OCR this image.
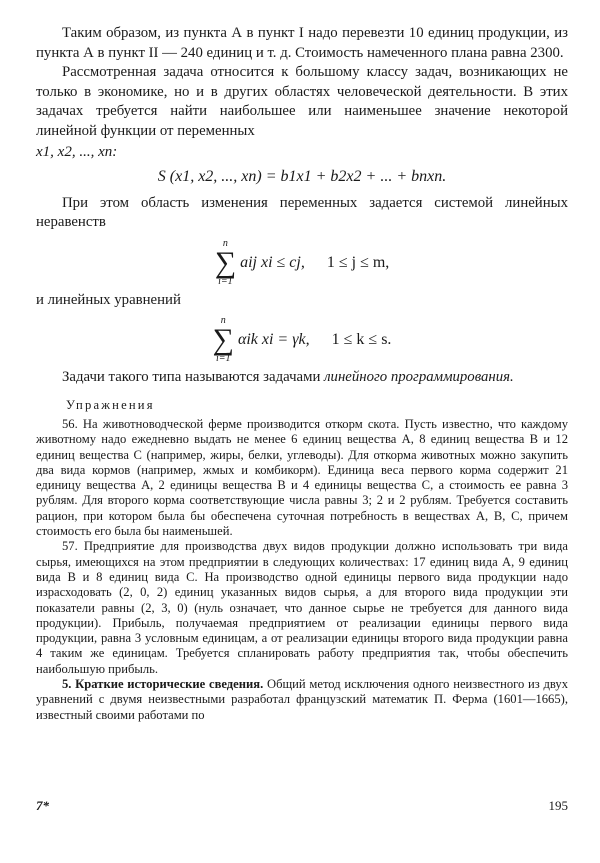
Таким образом, из пункта А в пункт I надо перевезти 10 единиц продукции, из пункта А в пункт II — 240 единиц и т. д. Стоимость намеченного плана равна 2300.

Рассмотренная задача относится к большому классу задач, возникающих не только в экономике, но и в других областях человеческой деятельности. В этих задачах требуется найти наибольшее или наименьшее значение некоторой линейной функции от переменных

x1, x2, ..., xn:
S (x1, x2, ..., xn) = b1x1 + b2x2 + ... + bnxn.

При этом область изменения переменных задается системой линейных неравенств

n
∑
i=1
aij xi ≤ cj, 1 ≤ j ≤ m,

и линейных уравнений

n
∑
i=1
αik xi = γk, 1 ≤ k ≤ s.

Задачи такого типа называются задачами линейного программирования.

Упражнения

56. На животноводческой ферме производится откорм скота. Пусть известно, что каждому животному надо ежедневно выдать не менее 6 единиц вещества А, 8 единиц вещества В и 12 единиц вещества С (например, жиры, белки, углеводы). Для откорма животных можно закупить два вида кормов (например, жмых и комбикорм). Единица веса первого корма содержит 21 единицу вещества А, 2 единицы вещества В и 4 единицы вещества С, а стоимость ее равна 3 рублям. Для второго корма соответствующие числа равны 3; 2 и 2 рублям. Требуется составить рацион, при котором была бы обеспечена суточная потребность в веществах А, В, С, причем стоимость его была бы наименьшей.

57. Предприятие для производства двух видов продукции должно использовать три вида сырья, имеющихся на этом предприятии в следующих количествах: 17 единиц вида А, 9 единиц вида В и 8 единиц вида С. На производство одной единицы первого вида продукции надо израсходовать (2, 0, 2) единиц указанных видов сырья, а для второго вида продукции эти показатели равны (2, 3, 0) (нуль означает, что данное сырье не требуется для данного вида продукции). Прибыль, получаемая предприятием от реализации единицы первого вида продукции, равна 3 условным единицам, а от реализации единицы второго вида продукции равна 4 таким же единицам. Требуется спланировать работу предприятия так, чтобы обеспечить наибольшую прибыль.

5. Краткие исторические сведения. Общий метод исключения одного неизвестного из двух уравнений с двумя неизвестными разработал французский математик П. Ферма (1601—1665), известный своими работами по

7*	195
